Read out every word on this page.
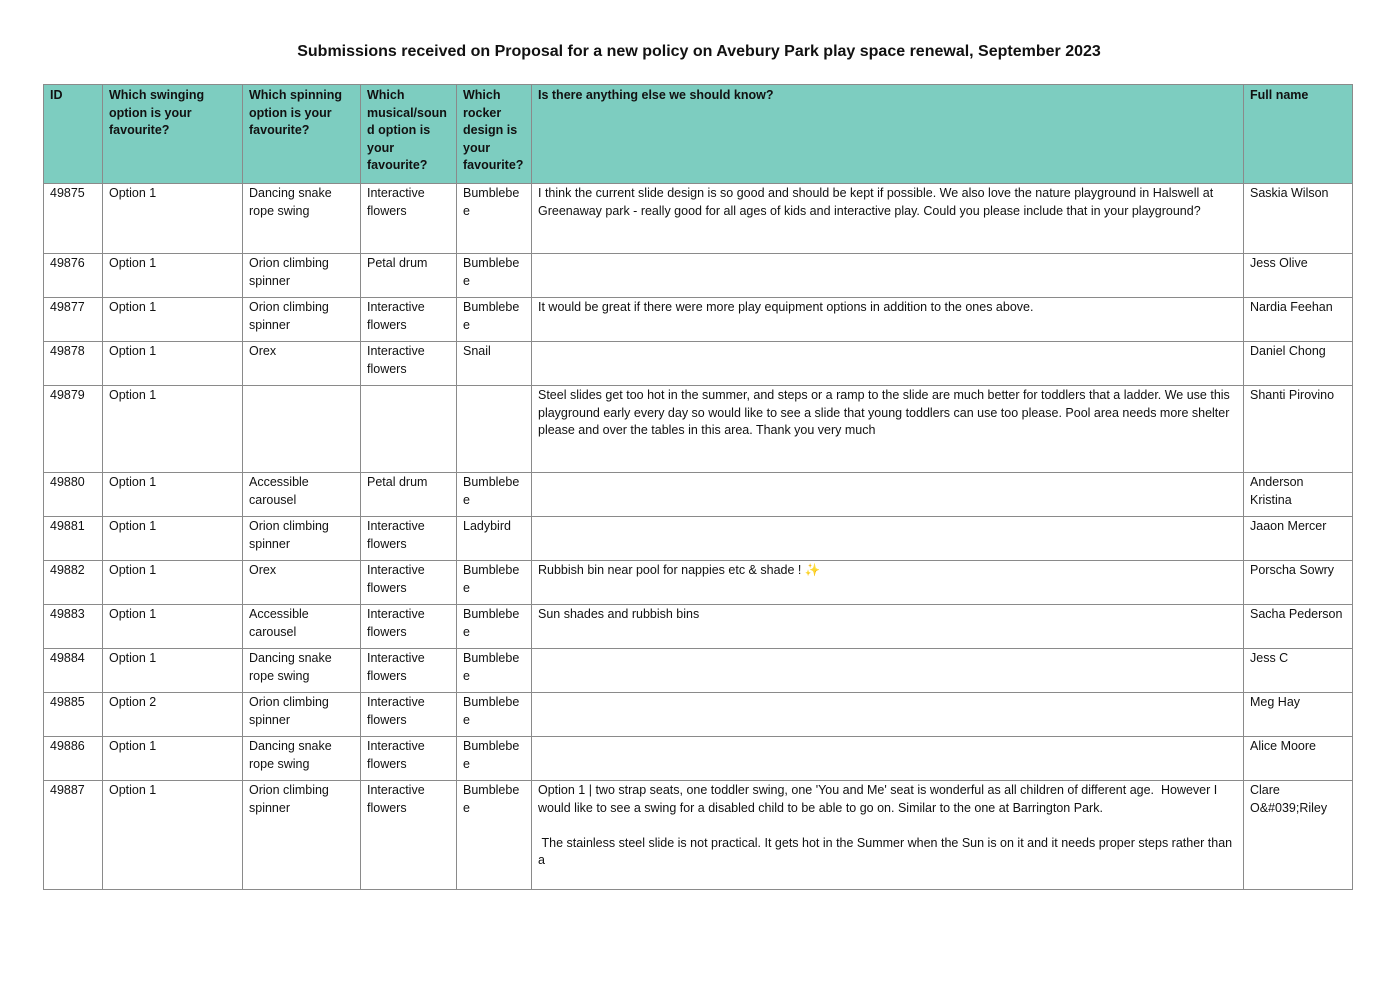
Submissions received on Proposal for a new policy on Avebury Park play space renewal, September 2023
ID	Which swinging option is your favourite?	Which spinning option is your favourite?	Which musical/sound option is your favourite?	Which rocker design is your favourite?	Is there anything else we should know?	Full name
49875	Option 1	Dancing snake rope swing	Interactive flowers	Bumblebee	I think the current slide design is so good and should be kept if possible. We also love the nature playground in Halswell at Greenaway park - really good for all ages of kids and interactive play. Could you please include that in your playground?	Saskia Wilson
49876	Option 1	Orion climbing spinner	Petal drum	Bumblebee		Jess Olive
49877	Option 1	Orion climbing spinner	Interactive flowers	Bumblebee	It would be great if there were more play equipment options in addition to the ones above.	Nardia Feehan
49878	Option 1	Orex	Interactive flowers	Snail		Daniel Chong
49879	Option 1				Steel slides get too hot in the summer, and steps or a ramp to the slide are much better for toddlers that a ladder. We use this playground early every day so would like to see a slide that young toddlers can use too please. Pool area needs more shelter please and over the tables in this area. Thank you very much	Shanti Pirovino
49880	Option 1	Accessible carousel	Petal drum	Bumblebee		Anderson Kristina
49881	Option 1	Orion climbing spinner	Interactive flowers	Ladybird		Jaaon Mercer
49882	Option 1	Orex	Interactive flowers	Bumblebee	Rubbish bin near pool for nappies etc & shade ! ✨	Porscha Sowry
49883	Option 1	Accessible carousel	Interactive flowers	Bumblebee	Sun shades and rubbish bins	Sacha Pederson
49884	Option 1	Dancing snake rope swing	Interactive flowers	Bumblebee		Jess C
49885	Option 2	Orion climbing spinner	Interactive flowers	Bumblebee		Meg Hay
49886	Option 1	Dancing snake rope swing	Interactive flowers	Bumblebee		Alice Moore
49887	Option 1	Orion climbing spinner	Interactive flowers	Bumblebee	Option 1 | two strap seats, one toddler swing, one 'You and Me' seat is wonderful as all children of different age.  However I would like to see a swing for a disabled child to be able to go on. Similar to the one at Barrington Park.

The stainless steel slide is not practical. It gets hot in the Summer when the Sun is on it and it needs proper steps rather than a	Clare O&#039;Riley
